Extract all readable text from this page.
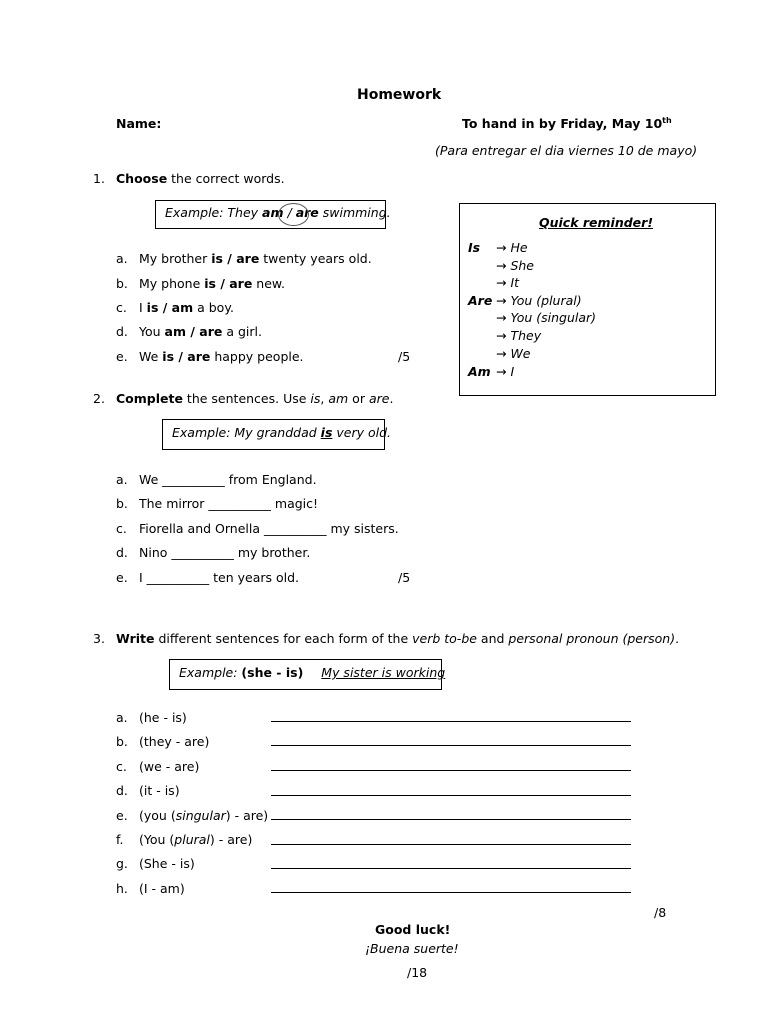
Homework
Name:	To hand in by Friday, May 10th
(Para entregar el dia viernes 10 de mayo)
1. Choose the correct words.
Example: They am / are swimming.
a. My brother is / are twenty years old.
b. My phone is / are new.
c. I is / am a boy.
d. You am / are a girl.
e. We is / are happy people.	/5
Quick reminder!
Is → He
→ She
→ It
Are → You (plural)
→ You (singular)
→ They
→ We
Am → I
2. Complete the sentences. Use is, am or are.
Example: My granddad is very old.
a. We __________ from England.
b. The mirror __________ magic!
c. Fiorella and Ornella __________ my sisters.
d. Nino __________ my brother.
e. I __________ ten years old.	/5
3. Write different sentences for each form of the verb to-be and personal pronoun (person).
Example: (she - is) My sister is working
a. (he - is)
b. (they - are)
c. (we - are)
d. (it - is)
e. (you (singular) - are)
f. (You (plural) - are)
g. (She - is)
h. (I - am)
/8
Good luck!
¡Buena suerte!
/18
